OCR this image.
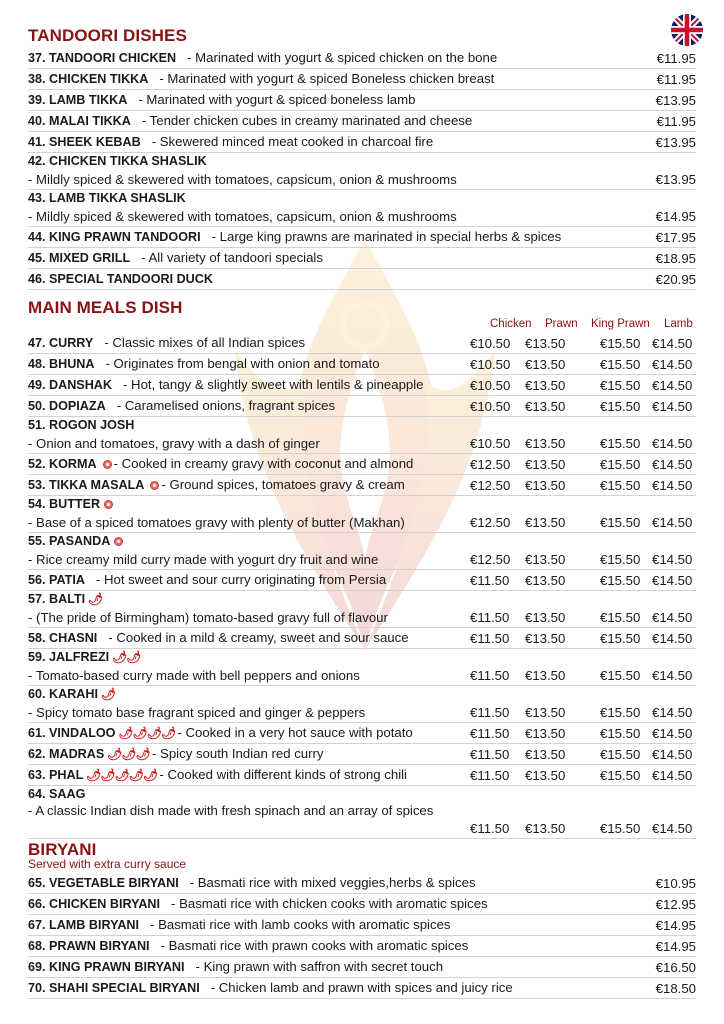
TANDOORI DISHES
37. TANDOORI CHICKEN - Marinated with yogurt & spiced chicken on the bone	€11.95
38. CHICKEN TIKKA - Marinated with yogurt & spiced Boneless chicken breast	€11.95
39. LAMB TIKKA - Marinated with yogurt & spiced boneless lamb	€13.95
40. MALAI TIKKA - Tender chicken cubes in creamy marinated and cheese	€11.95
41. SHEEK KEBAB - Skewered minced meat cooked in charcoal fire	€13.95
42. CHICKEN TIKKA SHASLIK
- Mildly spiced & skewered with tomatoes, capsicum, onion & mushrooms	€13.95
43. LAMB TIKKA SHASLIK
- Mildly spiced & skewered with tomatoes, capsicum, onion & mushrooms	€14.95
44. KING PRAWN TANDOORI - Large king prawns are marinated in special herbs & spices	€17.95
45. MIXED GRILL - All variety of tandoori specials	€18.95
46. SPECIAL TANDOORI DUCK	€20.95
MAIN MEALS DISH
Chicken Prawn King Prawn Lamb
47. CURRY - Classic mixes of all Indian spices	€10.50 €13.50	€15.50 €14.50
48. BHUNA - Originates from bengal with onion and tomato	€10.50 €13.50	€15.50 €14.50
49. DANSHAK - Hot, tangy & slightly sweet with lentils & pineapple	€10.50 €13.50	€15.50 €14.50
50. DOPIAZA - Caramelised onions, fragrant spices	€10.50 €13.50	€15.50 €14.50
51. ROGON JOSH
- Onion and tomatoes, gravy with a dash of ginger	€10.50 €13.50	€15.50 €14.50
52. KORMA - Cooked in creamy gravy with coconut and almond	€12.50 €13.50	€15.50 €14.50
53. TIKKA MASALA - Ground spices, tomatoes gravy & cream	€12.50 €13.50	€15.50 €14.50
54. BUTTER
- Base of a spiced tomatoes gravy with plenty of butter (Makhan)	€12.50 €13.50	€15.50 €14.50
55. PASANDA
- Rice creamy mild curry made with yogurt dry fruit and wine	€12.50 €13.50	€15.50 €14.50
56. PATIA - Hot sweet and sour curry originating from Persia	€11.50 €13.50	€15.50 €14.50
57. BALTI 🌶︎
- (The pride of Birmingham) tomato-based gravy full of flavour	€11.50 €13.50	€15.50 €14.50
58. CHASNI - Cooked in a mild & creamy, sweet and sour sauce	€11.50 €13.50	€15.50 €14.50
59. JALFREZI 🌶︎🌶︎
- Tomato-based curry made with bell peppers and onions	€11.50 €13.50	€15.50 €14.50
60. KARAHI 🌶︎
- Spicy tomato base fragrant spiced and ginger & peppers	€11.50 €13.50	€15.50 €14.50
61. VINDALOO 🌶︎🌶︎🌶︎🌶︎ - Cooked in a very hot sauce with potato	€11.50 €13.50	€15.50 €14.50
62. MADRAS 🌶︎🌶︎🌶︎ - Spicy south Indian red curry	€11.50 €13.50	€15.50 €14.50
63. PHAL 🌶︎🌶︎🌶︎🌶︎🌶︎ - Cooked with different kinds of strong chili	€11.50 €13.50	€15.50 €14.50
64. SAAG
- A classic Indian dish made with fresh spinach and an array of spices
€11.50 €13.50	€15.50 €14.50
BIRYANI
Served with extra curry sauce
65. VEGETABLE BIRYANI - Basmati rice with mixed veggies,herbs & spices	€10.95
66. CHICKEN BIRYANI - Basmati rice with chicken cooks with aromatic spices	€12.95
67. LAMB BIRYANI - Basmati rice with lamb cooks with aromatic spices	€14.95
68. PRAWN BIRYANI - Basmati rice with prawn cooks with aromatic spices	€14.95
69. KING PRAWN BIRYANI - King prawn with saffron with secret touch	€16.50
70. SHAHI SPECIAL BIRYANI - Chicken lamb and prawn with spices and juicy rice	€18.50
